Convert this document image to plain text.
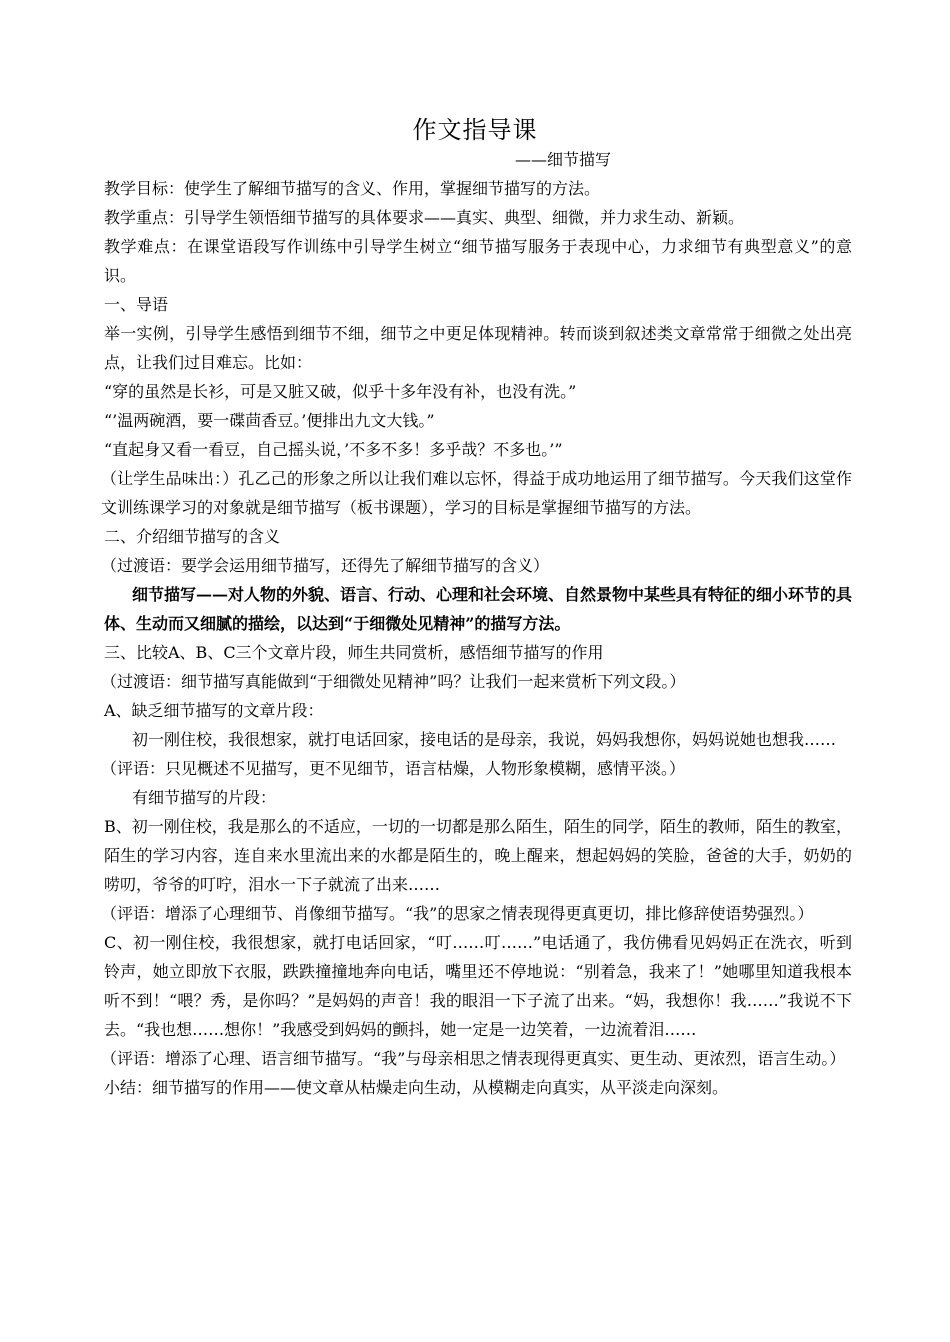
作文指导课

——细节描写

教学目标：使学生了解细节描写的含义、作用，掌握细节描写的方法。

教学重点：引导学生领悟细节描写的具体要求——真实、典型、细微，并力求生动、新颖。

教学难点：在课堂语段写作训练中引导学生树立“细节描写服务于表现中心，力求细节有典型意义”的意识。

一、导语

举一实例，引导学生感悟到细节不细，细节之中更足体现精神。转而谈到叙述类文章常常于细微之处出亮点，让我们过目难忘。比如：

“穿的虽然是长衫，可是又脏又破，似乎十多年没有补，也没有洗。”

“’温两碗酒，要一碟茴香豆。’便排出九文大钱。”

“直起身又看一看豆，自己摇头说，’不多不多！多乎哉？不多也。’”

（让学生品味出：）孔乙己的形象之所以让我们难以忘怀，得益于成功地运用了细节描写。今天我们这堂作文训练课学习的对象就是细节描写（板书课题），学习的目标是掌握细节描写的方法。

二、介绍细节描写的含义

（过渡语：要学会运用细节描写，还得先了解细节描写的含义）

细节描写——对人物的外貌、语言、行动、心理和社会环境、自然景物中某些具有特征的细小环节的具体、生动而又细腻的描绘，以达到“于细微处见精神”的描写方法。

三、比较A、B、C三个文章片段，师生共同赏析，感悟细节描写的作用

（过渡语：细节描写真能做到“于细微处见精神”吗？让我们一起来赏析下列文段。）

A、缺乏细节描写的文章片段：

初一刚住校，我很想家，就打电话回家，接电话的是母亲，我说，妈妈我想你，妈妈说她也想我……

（评语：只见概述不见描写，更不见细节，语言枯燥，人物形象模糊，感情平淡。）

有细节描写的片段：

B、初一刚住校，我是那么的不适应，一切的一切都是那么陌生，陌生的同学，陌生的教师，陌生的教室，陌生的学习内容，连自来水里流出来的水都是陌生的，晚上醒来，想起妈妈的笑脸，爸爸的大手，奶奶的唠叨，爷爷的叮咛，泪水一下子就流了出来……

（评语：增添了心理细节、肖像细节描写。“我”的思家之情表现得更真更切，排比修辞使语势强烈。）

C、初一刚住校，我很想家，就打电话回家，“叮……叮……”电话通了，我仿佛看见妈妈正在洗衣，听到铃声，她立即放下衣服，跌跌撞撞地奔向电话，嘴里还不停地说：“别着急，我来了！”她哪里知道我根本听不到！“喂？秀，是你吗？”是妈妈的声音！我的眼泪一下子流了出来。“妈，我想你！我……”我说不下去。“我也想……想你！”我感受到妈妈的颤抖，她一定是一边笑着，一边流着泪……

（评语：增添了心理、语言细节描写。“我”与母亲相思之情表现得更真实、更生动、更浓烈，语言生动。）

小结：细节描写的作用——使文章从枯燥走向生动，从模糊走向真实，从平淡走向深刻。
